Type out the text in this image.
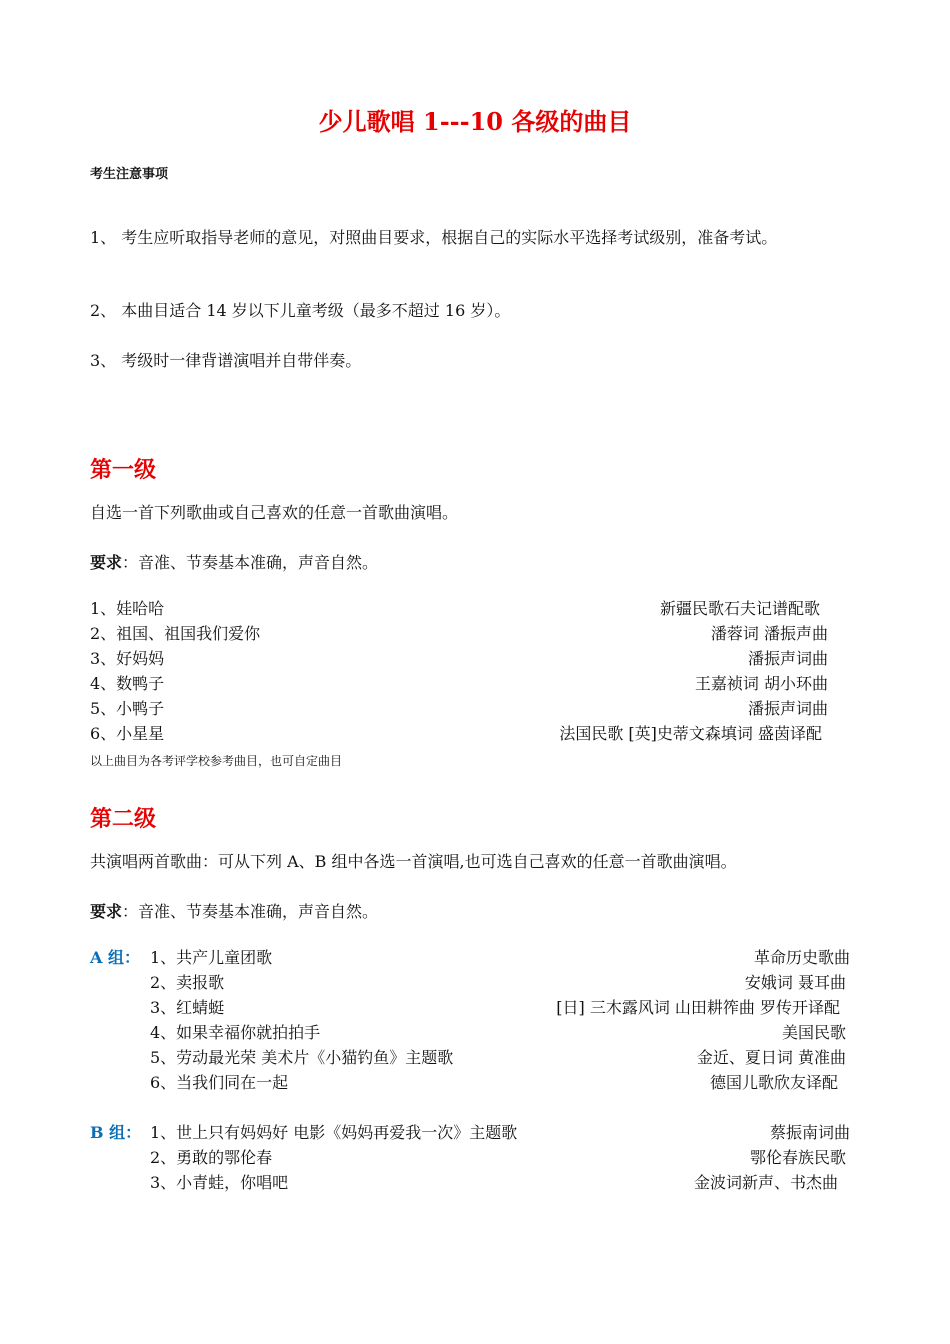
少儿歌唱 1---10 各级的曲目
考生注意事项
1、 考生应听取指导老师的意见，对照曲目要求，根据自己的实际水平选择考试级别，准备考试。
2、 本曲目适合 14 岁以下儿童考级（最多不超过 16 岁）。
3、 考级时一律背谱演唱并自带伴奏。
第一级
自选一首下列歌曲或自己喜欢的任意一首歌曲演唱。
要求：音准、节奏基本准确，声音自然。
1、娃哈哈	新疆民歌石夫记谱配歌
2、祖国、祖国我们爱你	潘蓉词 潘振声曲
3、好妈妈	潘振声词曲
4、数鸭子	王嘉祯词 胡小环曲
5、小鸭子	潘振声词曲
6、小星星	法国民歌 [英]史蒂文森填词 盛茵译配
以上曲目为各考评学校参考曲目，也可自定曲目
第二级
共演唱两首歌曲：可从下列 A、B 组中各选一首演唱,也可选自己喜欢的任意一首歌曲演唱。
要求：音准、节奏基本准确，声音自然。
A 组： 1、共产儿童团歌	革命历史歌曲
2、卖报歌	安娥词 聂耳曲
3、红蜻蜓	[日] 三木露风词 山田耕筰曲 罗传开译配
4、如果幸福你就拍拍手	美国民歌
5、劳动最光荣 美术片《小猫钓鱼》主题歌	金近、夏日词 黄准曲
6、当我们同在一起	德国儿歌欣友译配
B 组： 1、世上只有妈妈好 电影《妈妈再爱我一次》主题歌	蔡振南词曲
2、勇敢的鄂伦春	鄂伦春族民歌
3、小青蛙，你唱吧	金波词新声、书杰曲
